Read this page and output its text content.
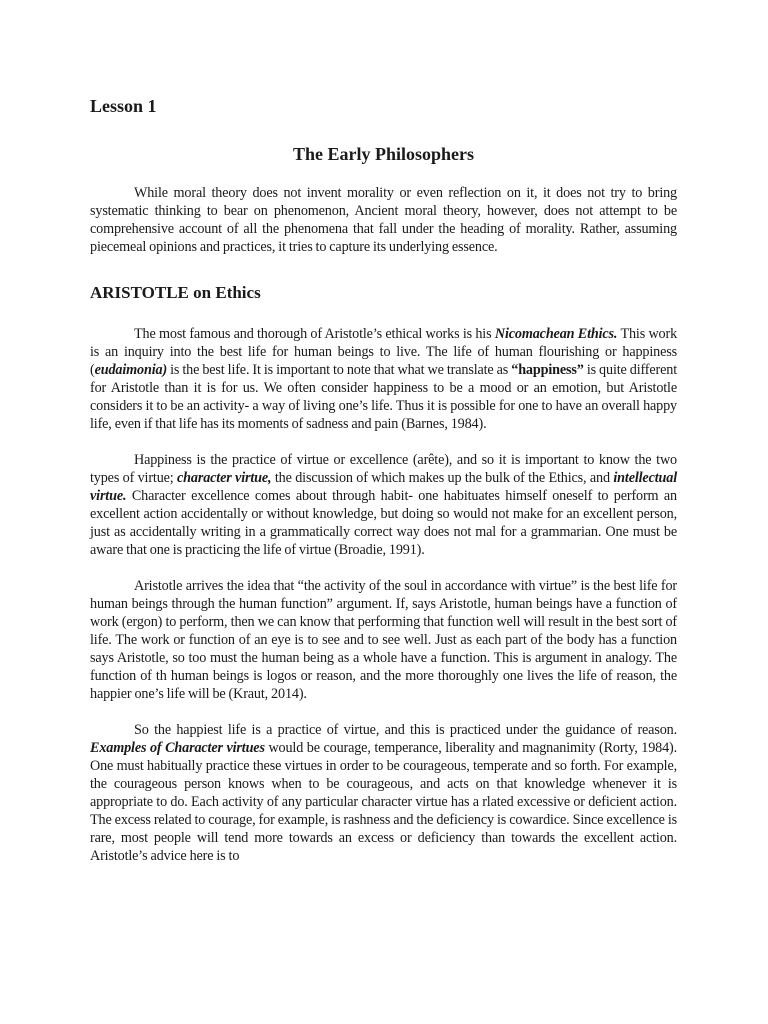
Lesson 1
The Early Philosophers

While moral theory does not invent morality or even reflection on it, it does not try to bring systematic thinking to bear on phenomenon, Ancient moral theory, however, does not attempt to be comprehensive account of all the phenomena that fall under the heading of morality. Rather, assuming piecemeal opinions and practices, it tries to capture its underlying essence.

ARISTOTLE on Ethics

The most famous and thorough of Aristotle’s ethical works is his Nicomachean Ethics. This work is an inquiry into the best life for human beings to live. The life of human flourishing or happiness (eudaimonia) is the best life. It is important to note that what we translate as “happiness” is quite different for Aristotle than it is for us. We often consider happiness to be a mood or an emotion, but Aristotle considers it to be an activity- a way of living one’s life. Thus it is possible for one to have an overall happy life, even if that life has its moments of sadness and pain (Barnes, 1984).

Happiness is the practice of virtue or excellence (arête), and so it is important to know the two types of virtue; character virtue, the discussion of which makes up the bulk of the Ethics, and intellectual virtue. Character excellence comes about through habit- one habituates himself oneself to perform an excellent action accidentally or without knowledge, but doing so would not make for an excellent person, just as accidentally writing in a grammatically correct way does not mal for a grammarian. One must be aware that one is practicing the life of virtue (Broadie, 1991).

Aristotle arrives the idea that “the activity of the soul in accordance with virtue” is the best life for human beings through the human function” argument. If, says Aristotle, human beings have a function of work (ergon) to perform, then we can know that performing that function well will result in the best sort of life. The work or function of an eye is to see and to see well. Just as each part of the body has a function says Aristotle, so too must the human being as a whole have a function. This is argument in analogy. The function of th human beings is logos or reason, and the more thoroughly one lives the life of reason, the happier one’s life will be (Kraut, 2014).

So the happiest life is a practice of virtue, and this is practiced under the guidance of reason. Examples of Character virtues would be courage, temperance, liberality and magnanimity (Rorty, 1984). One must habitually practice these virtues in order to be courageous, temperate and so forth. For example, the courageous person knows when to be courageous, and acts on that knowledge whenever it is appropriate to do. Each activity of any particular character virtue has a rlated excessive or deficient action. The excess related to courage, for example, is rashness and the deficiency is cowardice. Since excellence is rare, most people will tend more towards an excess or deficiency than towards the excellent action. Aristotle’s advice here is to
